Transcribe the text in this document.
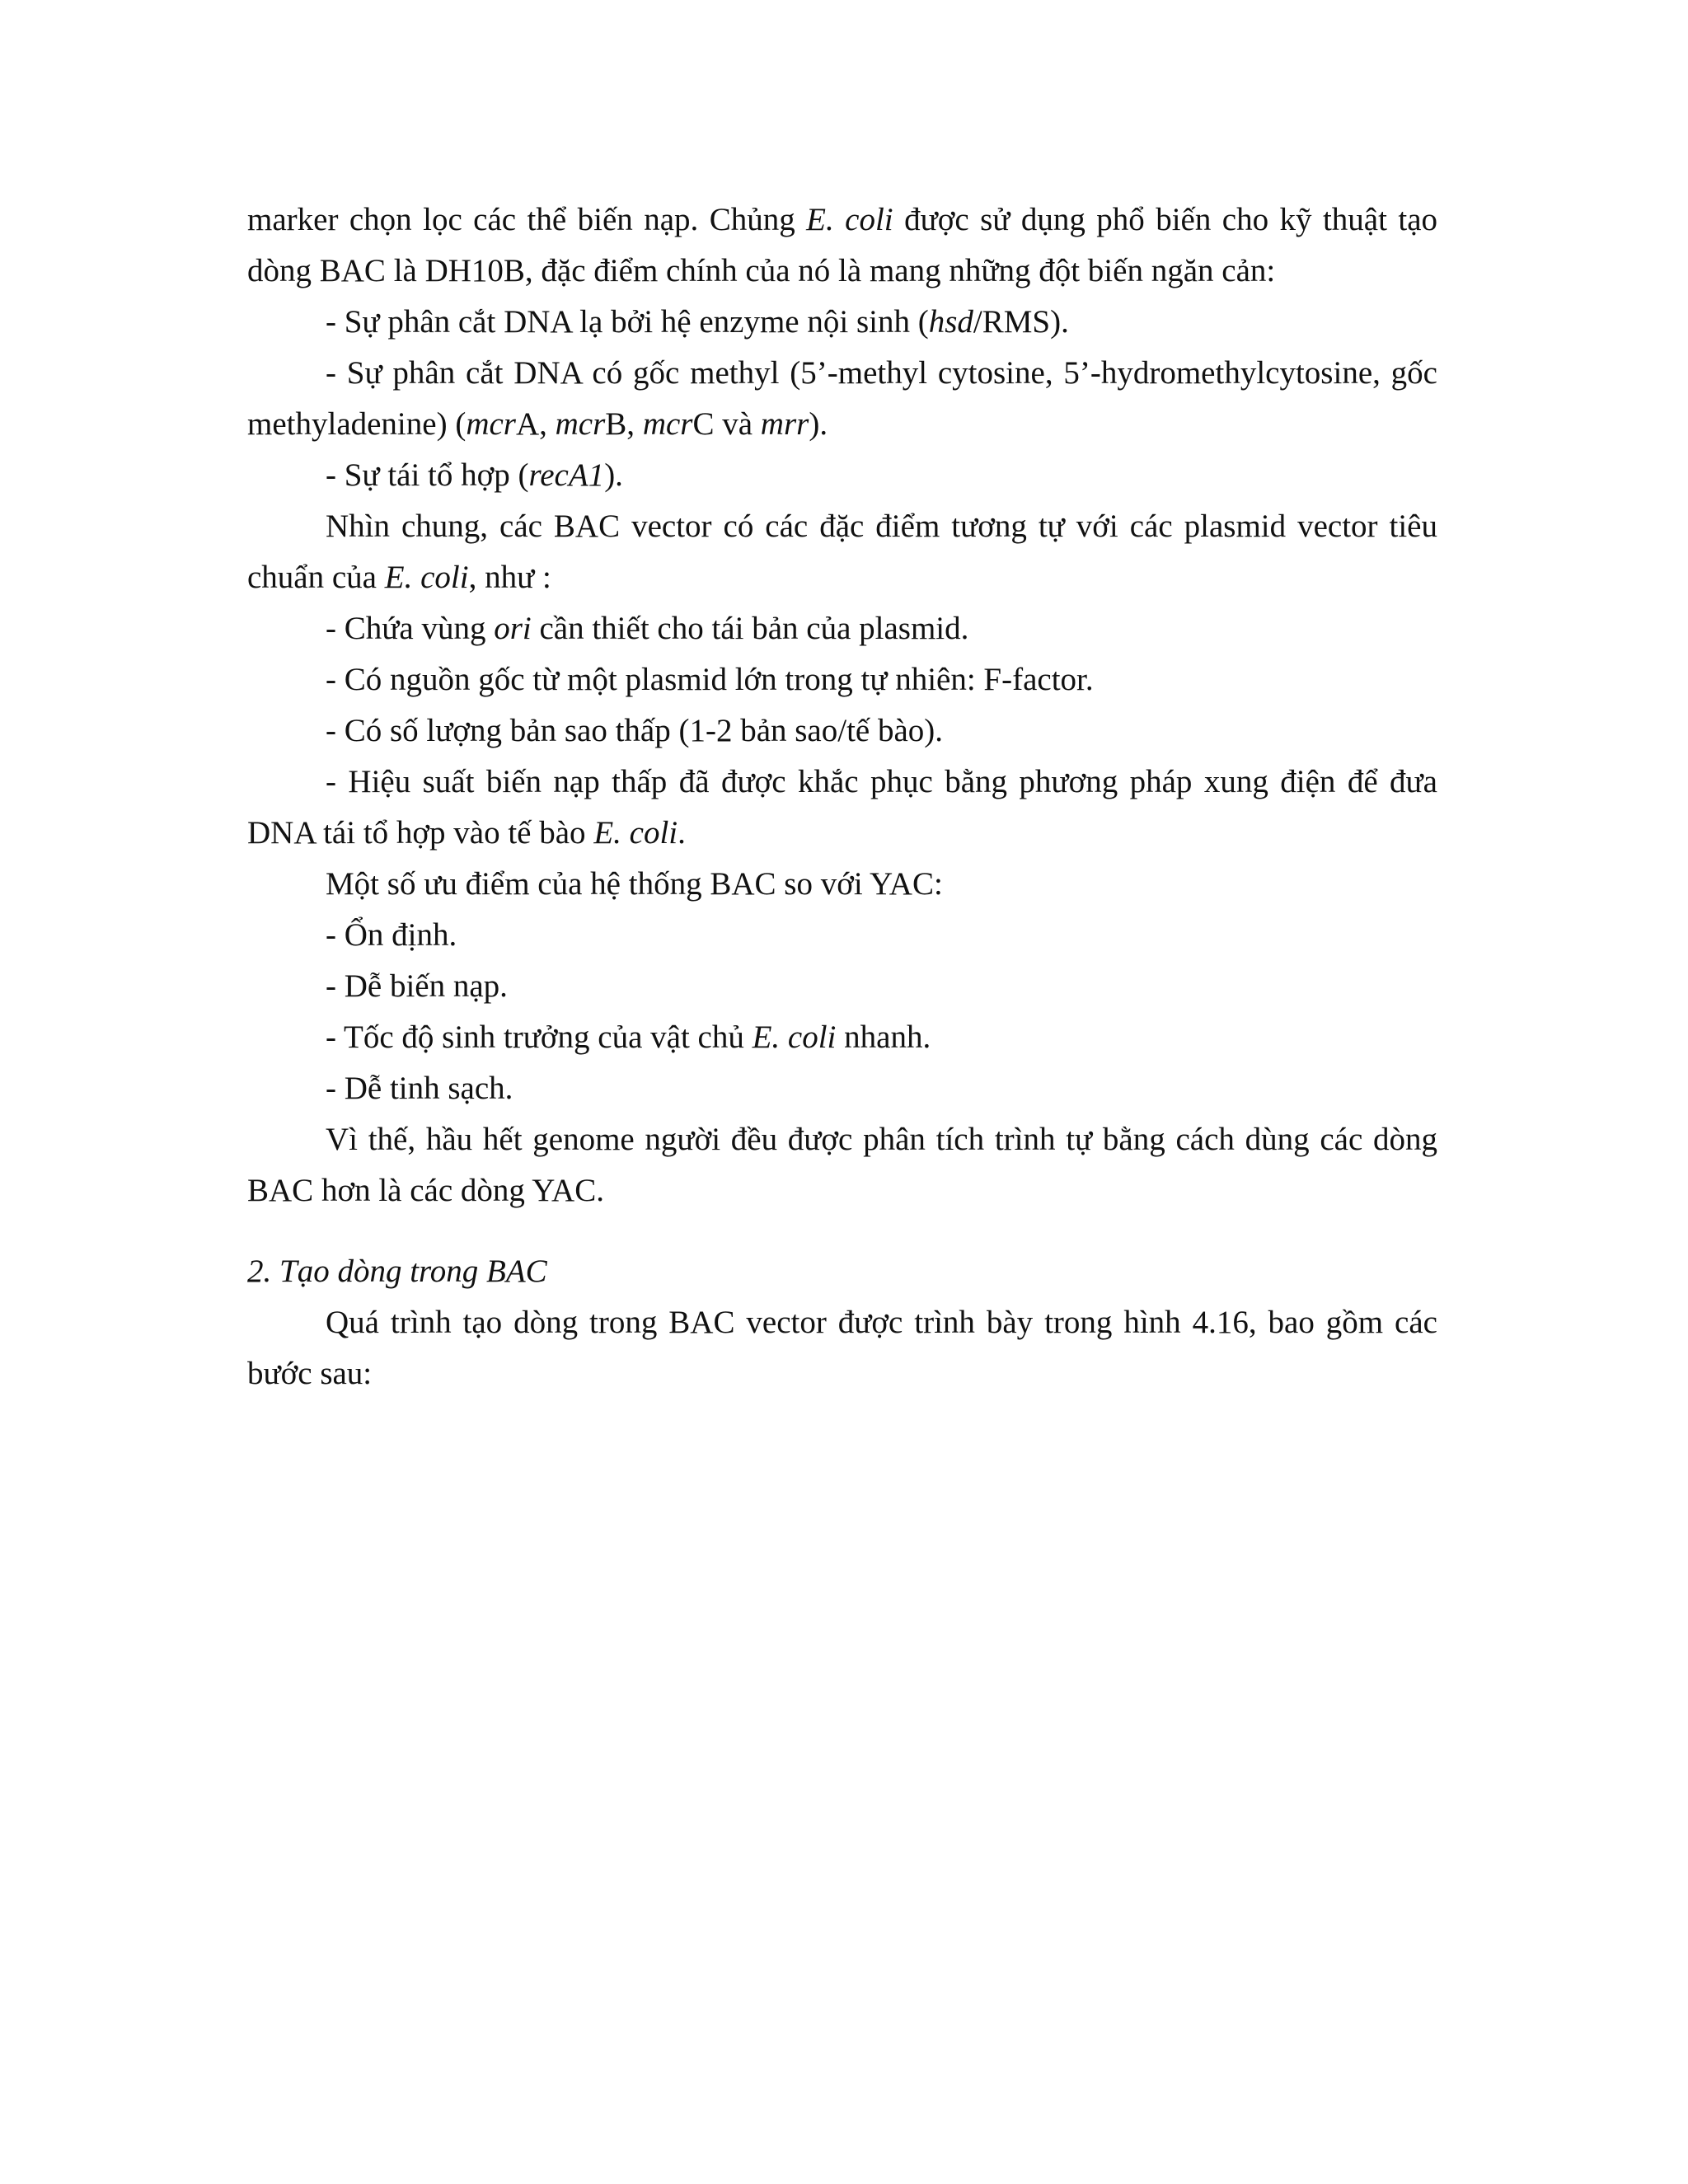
marker chọn lọc các thể biến nạp. Chủng E. coli được sử dụng phổ biến cho kỹ thuật tạo dòng BAC là DH10B, đặc điểm chính của nó là mang những đột biến ngăn cản:

- Sự phân cắt DNA lạ bởi hệ enzyme nội sinh (hsd/RMS).

- Sự phân cắt DNA có gốc methyl (5’-methyl cytosine, 5’-hydromethylcytosine, gốc methyladenine) (mcrA, mcrB, mcrC và mrr).

- Sự tái tổ hợp (recA1).

Nhìn chung, các BAC vector có các đặc điểm tương tự với các plasmid vector tiêu chuẩn của E. coli, như :

- Chứa vùng ori cần thiết cho tái bản của plasmid.

- Có nguồn gốc từ một plasmid lớn trong tự nhiên: F-factor.

- Có số lượng bản sao thấp (1-2 bản sao/tế bào).

- Hiệu suất biến nạp thấp đã được khắc phục bằng phương pháp xung điện để đưa DNA tái tổ hợp vào tế bào E. coli.

Một số ưu điểm của hệ thống BAC so với YAC:

- Ổn định.

- Dễ biến nạp.

- Tốc độ sinh trưởng của vật chủ E. coli nhanh.

- Dễ tinh sạch.

Vì thế, hầu hết genome người đều được phân tích trình tự bằng cách dùng các dòng BAC hơn là các dòng YAC.

2. Tạo dòng trong BAC

Quá trình tạo dòng trong BAC vector được trình bày trong hình 4.16, bao gồm các bước sau:
